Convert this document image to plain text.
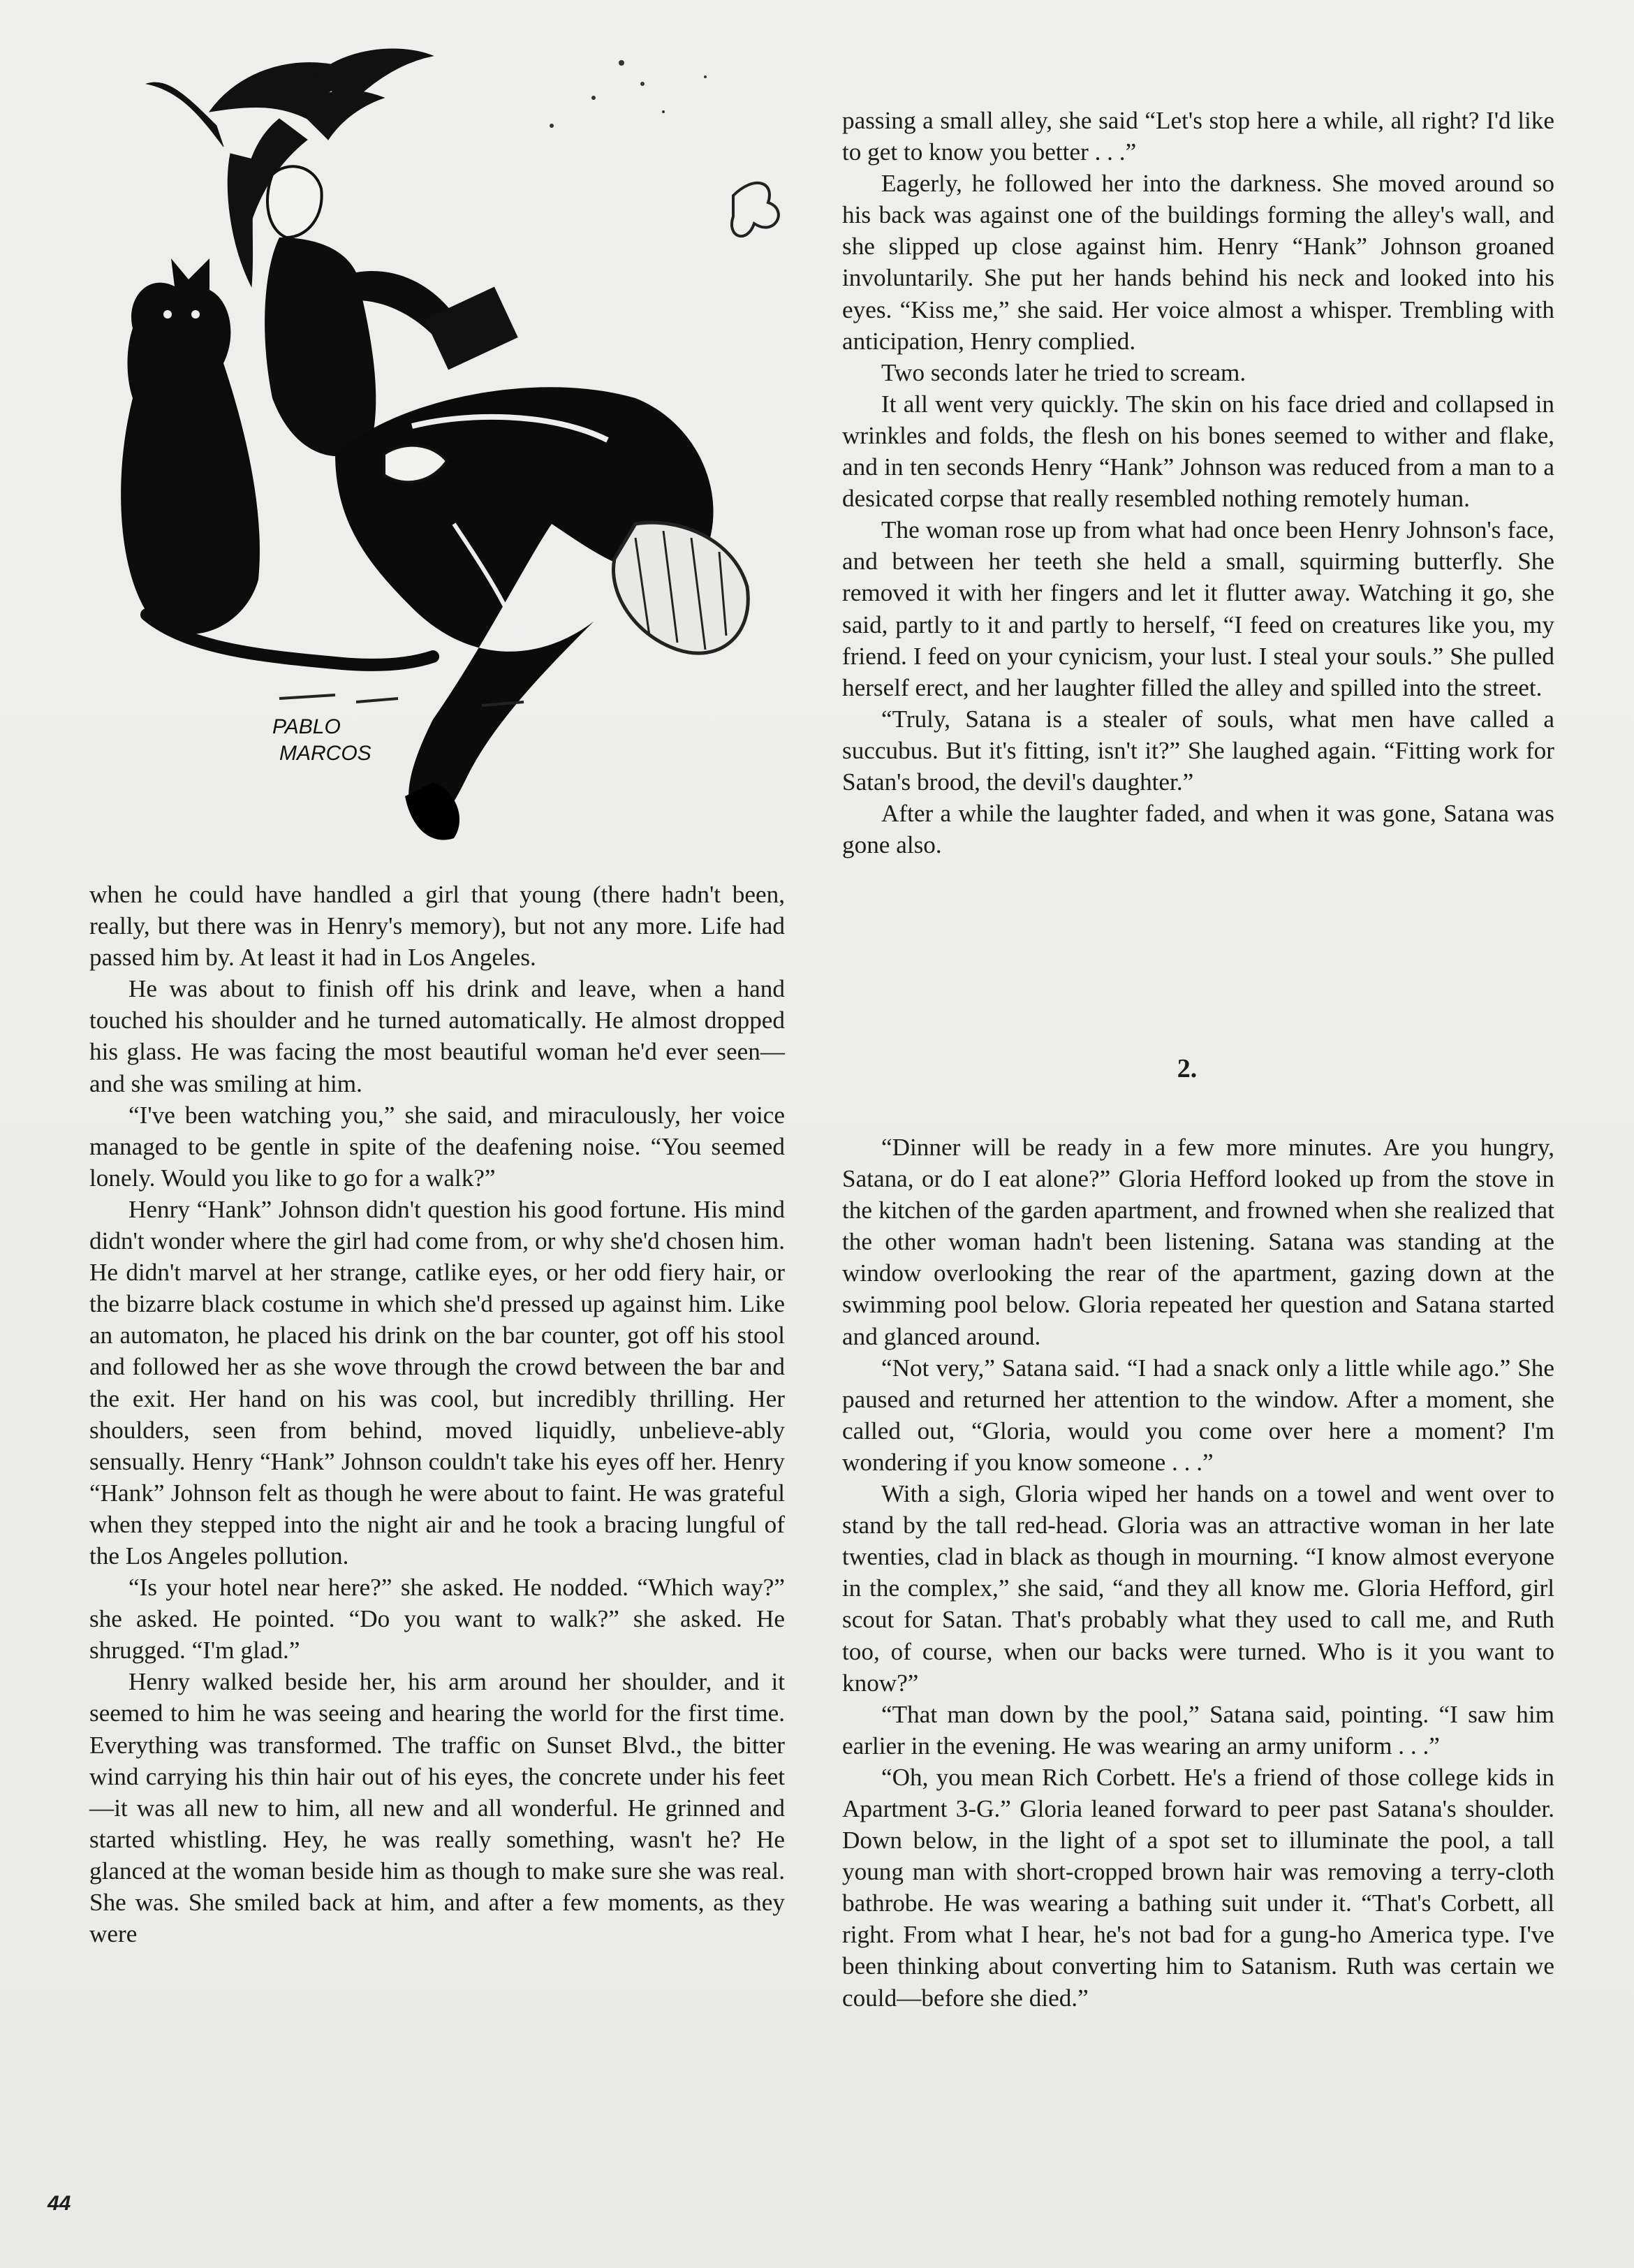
PABLO
MARCOS

when he could have handled a girl that young (there hadn't been, really, but there was in Henry's memory), but not any more. Life had passed him by. At least it had in Los Angeles.

He was about to finish off his drink and leave, when a hand touched his shoulder and he turned automatically. He almost dropped his glass. He was facing the most beautiful woman he'd ever seen—and she was smiling at him.

“I've been watching you,” she said, and miraculously, her voice managed to be gentle in spite of the deafening noise. “You seemed lonely. Would you like to go for a walk?”

Henry “Hank” Johnson didn't question his good fortune. His mind didn't wonder where the girl had come from, or why she'd chosen him. He didn't marvel at her strange, catlike eyes, or her odd fiery hair, or the bizarre black costume in which she'd pressed up against him. Like an automaton, he placed his drink on the bar counter, got off his stool and followed her as she wove through the crowd between the bar and the exit. Her hand on his was cool, but incredibly thrilling. Her shoulders, seen from behind, moved liquidly, unbelieve-ably sensually. Henry “Hank” Johnson couldn't take his eyes off her. Henry “Hank” Johnson felt as though he were about to faint. He was grateful when they stepped into the night air and he took a bracing lungful of the Los Angeles pollution.

“Is your hotel near here?” she asked. He nodded. “Which way?” she asked. He pointed. “Do you want to walk?” she asked. He shrugged. “I'm glad.”

Henry walked beside her, his arm around her shoulder, and it seemed to him he was seeing and hearing the world for the first time. Everything was transformed. The traffic on Sunset Blvd., the bitter wind carrying his thin hair out of his eyes, the concrete under his feet—it was all new to him, all new and all wonderful. He grinned and started whistling. Hey, he was really something, wasn't he? He glanced at the woman beside him as though to make sure she was real. She was. She smiled back at him, and after a few moments, as they were

passing a small alley, she said “Let's stop here a while, all right? I'd like to get to know you better . . .”

Eagerly, he followed her into the darkness. She moved around so his back was against one of the buildings forming the alley's wall, and she slipped up close against him. Henry “Hank” Johnson groaned involuntarily. She put her hands behind his neck and looked into his eyes. “Kiss me,” she said. Her voice almost a whisper. Trembling with anticipation, Henry complied.

Two seconds later he tried to scream.

It all went very quickly. The skin on his face dried and collapsed in wrinkles and folds, the flesh on his bones seemed to wither and flake, and in ten seconds Henry “Hank” Johnson was reduced from a man to a desicated corpse that really resembled nothing remotely human.

The woman rose up from what had once been Henry Johnson's face, and between her teeth she held a small, squirming butterfly. She removed it with her fingers and let it flutter away. Watching it go, she said, partly to it and partly to herself, “I feed on creatures like you, my friend. I feed on your cynicism, your lust. I steal your souls.” She pulled herself erect, and her laughter filled the alley and spilled into the street.

“Truly, Satana is a stealer of souls, what men have called a succubus. But it's fitting, isn't it?” She laughed again. “Fitting work for Satan's brood, the devil's daughter.”

After a while the laughter faded, and when it was gone, Satana was gone also.

2.

“Dinner will be ready in a few more minutes. Are you hungry, Satana, or do I eat alone?” Gloria Hefford looked up from the stove in the kitchen of the garden apartment, and frowned when she realized that the other woman hadn't been listening. Satana was standing at the window overlooking the rear of the apartment, gazing down at the swimming pool below. Gloria repeated her question and Satana started and glanced around.

“Not very,” Satana said. “I had a snack only a little while ago.” She paused and returned her attention to the window. After a moment, she called out, “Gloria, would you come over here a moment? I'm wondering if you know someone . . .”

With a sigh, Gloria wiped her hands on a towel and went over to stand by the tall red-head. Gloria was an attractive woman in her late twenties, clad in black as though in mourning. “I know almost everyone in the complex,” she said, “and they all know me. Gloria Hefford, girl scout for Satan. That's probably what they used to call me, and Ruth too, of course, when our backs were turned. Who is it you want to know?”

“That man down by the pool,” Satana said, pointing. “I saw him earlier in the evening. He was wearing an army uniform . . .”

“Oh, you mean Rich Corbett. He's a friend of those college kids in Apartment 3-G.” Gloria leaned forward to peer past Satana's shoulder. Down below, in the light of a spot set to illuminate the pool, a tall young man with short-cropped brown hair was removing a terry-cloth bathrobe. He was wearing a bathing suit under it. “That's Corbett, all right. From what I hear, he's not bad for a gung-ho America type. I've been thinking about converting him to Satanism. Ruth was certain we could—before she died.”

44
